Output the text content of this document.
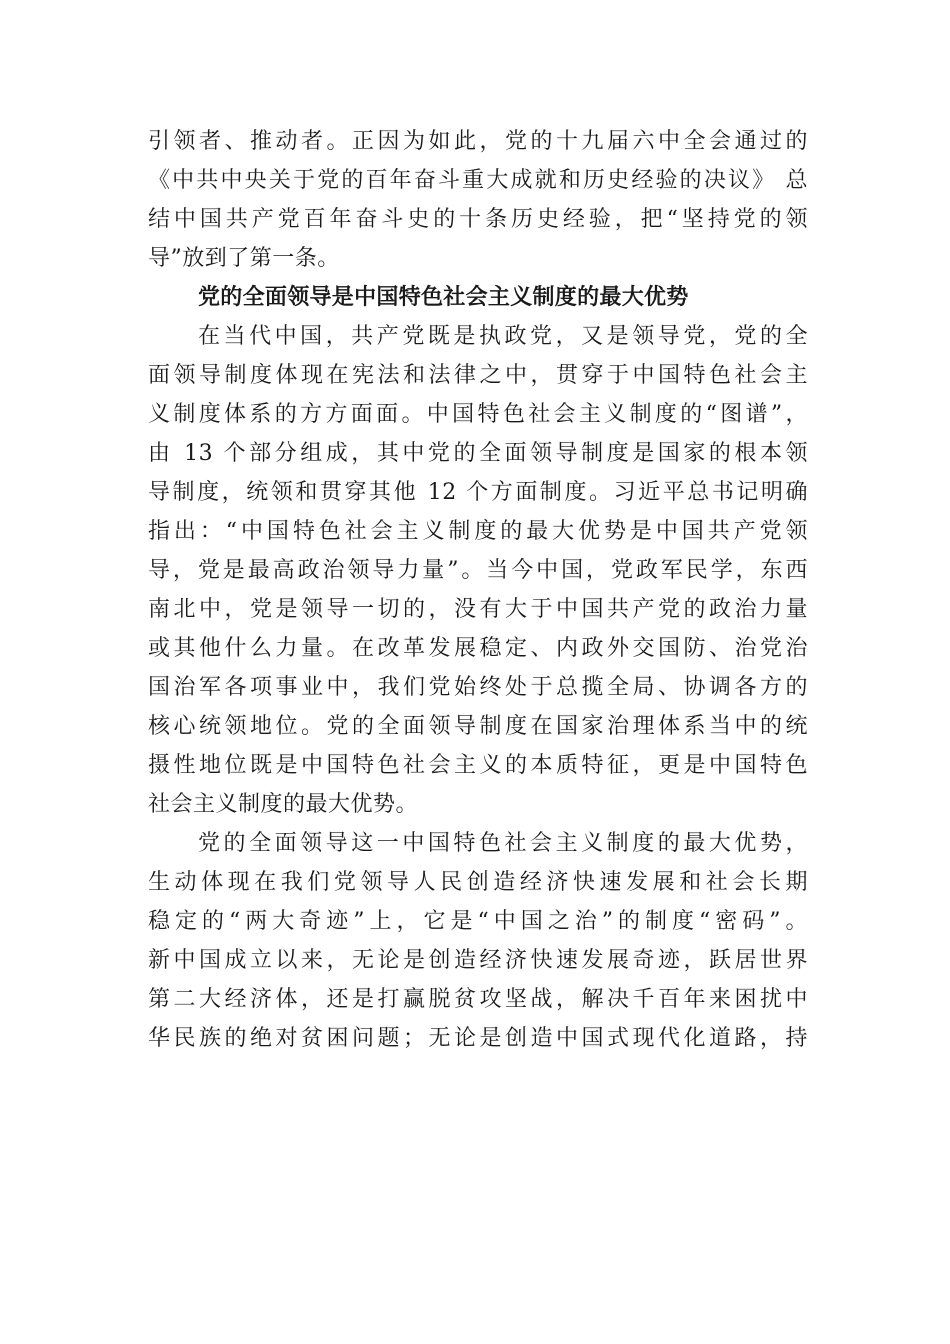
引领者、推动者。正因为如此，党的十九届六中全会通过的
《中共中央关于党的百年奋斗重大成就和历史经验的决议》 总
结中国共产党百年奋斗史的十条历史经验，把“坚持党的领
导”放到了第一条。
党的全面领导是中国特色社会主义制度的最大优势
在当代中国，共产党既是执政党，又是领导党，党的全
面领导制度体现在宪法和法律之中，贯穿于中国特色社会主
义制度体系的方方面面。中国特色社会主义制度的“图谱”，
由 13 个部分组成，其中党的全面领导制度是国家的根本领
导制度，统领和贯穿其他 12 个方面制度。习近平总书记明确
指出：“中国特色社会主义制度的最大优势是中国共产党领
导，党是最高政治领导力量”。当今中国，党政军民学，东西
南北中，党是领导一切的，没有大于中国共产党的政治力量
或其他什么力量。在改革发展稳定、内政外交国防、治党治
国治军各项事业中，我们党始终处于总揽全局、协调各方的
核心统领地位。党的全面领导制度在国家治理体系当中的统
摄性地位既是中国特色社会主义的本质特征，更是中国特色
社会主义制度的最大优势。
党的全面领导这一中国特色社会主义制度的最大优势，
生动体现在我们党领导人民创造经济快速发展和社会长期
稳定的“两大奇迹”上，它是“中国之治”的制度“密码”。
新中国成立以来，无论是创造经济快速发展奇迹，跃居世界
第二大经济体，还是打赢脱贫攻坚战，解决千百年来困扰中
华民族的绝对贫困问题；无论是创造中国式现代化道路，持
